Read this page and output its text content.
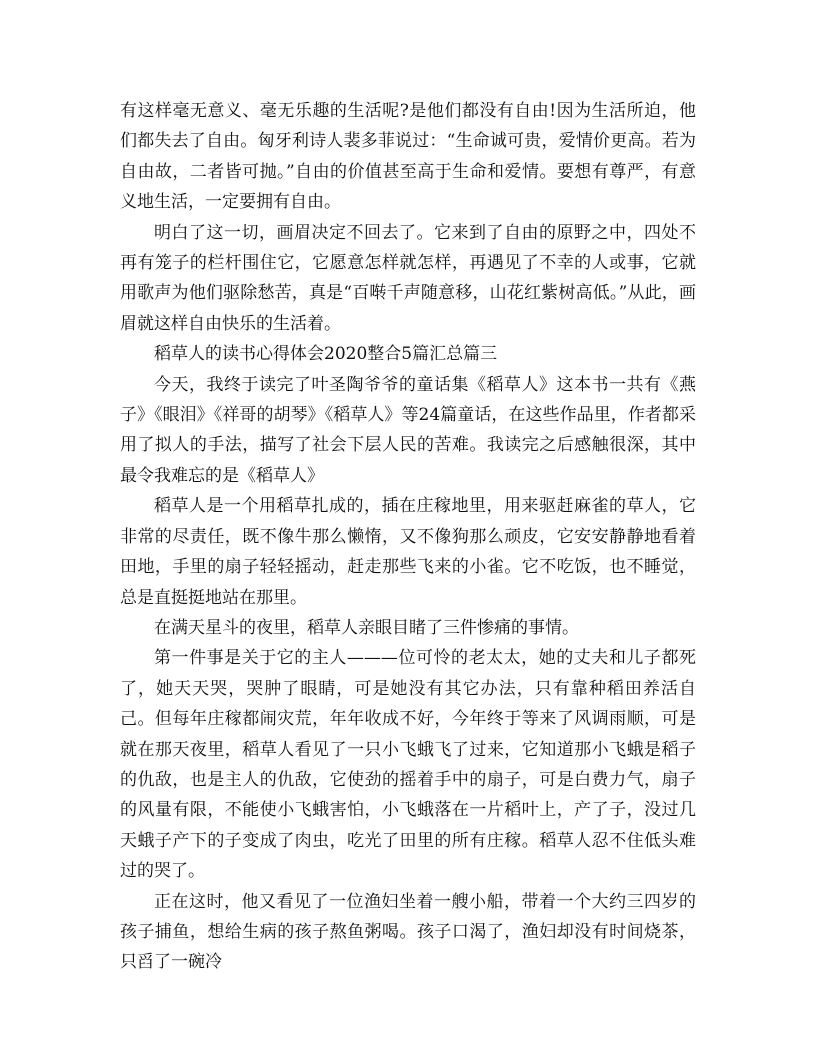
有这样毫无意义、毫无乐趣的生活呢?是他们都没有自由!因为生活所迫，他们都失去了自由。匈牙利诗人裴多菲说过：“生命诚可贵，爱情价更高。若为自由故，二者皆可抛。”自由的价值甚至高于生命和爱情。要想有尊严，有意义地生活，一定要拥有自由。

明白了这一切，画眉决定不回去了。它来到了自由的原野之中，四处不再有笼子的栏杆围住它，它愿意怎样就怎样，再遇见了不幸的人或事，它就用歌声为他们驱除愁苦，真是“百啭千声随意移，山花红紫树高低。”从此，画眉就这样自由快乐的生活着。

稻草人的读书心得体会2020整合5篇汇总篇三

今天，我终于读完了叶圣陶爷爷的童话集《稻草人》这本书一共有《燕子》《眼泪》《祥哥的胡琴》《稻草人》等24篇童话，在这些作品里，作者都采用了拟人的手法，描写了社会下层人民的苦难。我读完之后感触很深，其中最令我难忘的是《稻草人》

稻草人是一个用稻草扎成的，插在庄稼地里，用来驱赶麻雀的草人，它非常的尽责任，既不像牛那么懒惰，又不像狗那么顽皮，它安安静静地看着田地，手里的扇子轻轻摇动，赶走那些飞来的小雀。它不吃饭，也不睡觉，总是直挺挺地站在那里。

在满天星斗的夜里，稻草人亲眼目睹了三件惨痛的事情。

第一件事是关于它的主人———位可怜的老太太，她的丈夫和儿子都死了，她天天哭，哭肿了眼睛，可是她没有其它办法，只有靠种稻田养活自己。但每年庄稼都闹灾荒，年年收成不好，今年终于等来了风调雨顺，可是就在那天夜里，稻草人看见了一只小飞蛾飞了过来，它知道那小飞蛾是稻子的仇敌，也是主人的仇敌，它使劲的摇着手中的扇子，可是白费力气，扇子的风量有限，不能使小飞蛾害怕，小飞蛾落在一片稻叶上，产了子，没过几天蛾子产下的子变成了肉虫，吃光了田里的所有庄稼。稻草人忍不住低头难过的哭了。

正在这时，他又看见了一位渔妇坐着一艘小船，带着一个大约三四岁的孩子捕鱼，想给生病的孩子熬鱼粥喝。孩子口渴了，渔妇却没有时间烧茶，只舀了一碗冷
